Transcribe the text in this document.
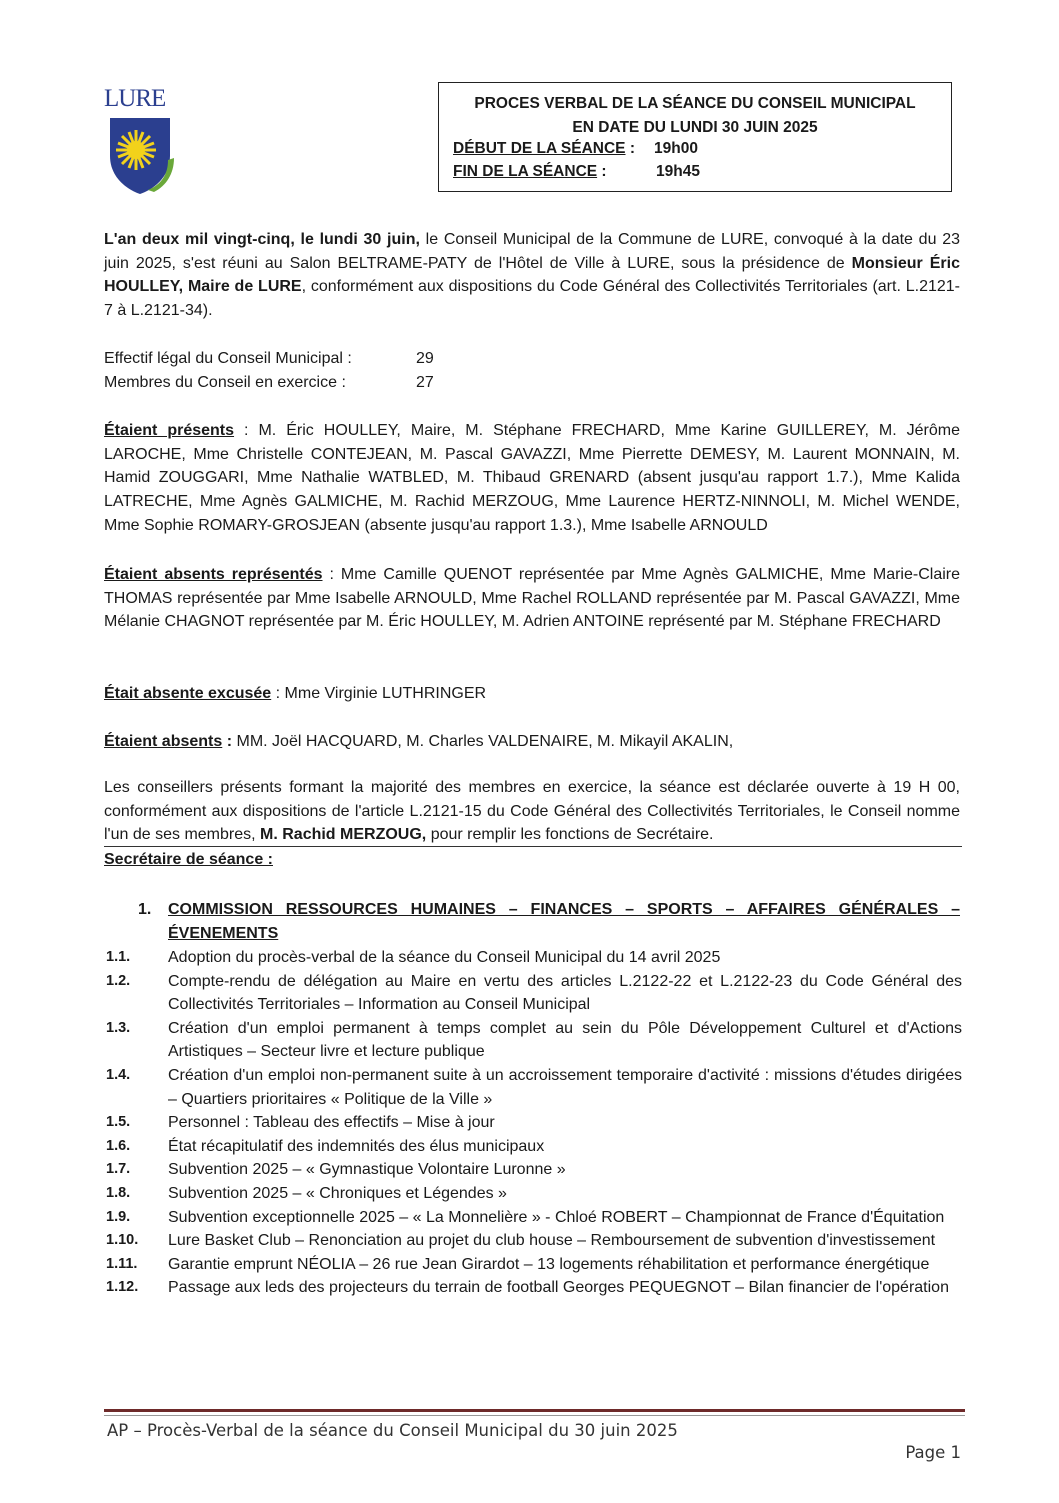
LURE	PROCES VERBAL DE LA SÉANCE DU CONSEIL MUNICIPAL
EN DATE DU LUNDI 30 JUIN 2025
DÉBUT DE LA SÉANCE : 19h00
FIN DE LA SÉANCE :	19h45
L'an deux mil vingt-cinq, le lundi 30 juin, le Conseil Municipal de la Commune de LURE, convoqué à la date du 23 juin 2025, s'est réuni au Salon BELTRAME-PATY de l'Hôtel de Ville à LURE, sous la présidence de Monsieur Éric HOULLEY, Maire de LURE, conformément aux dispositions du Code Général des Collectivités Territoriales (art. L.2121-7 à L.2121-34).
Effectif légal du Conseil Municipal :	29
Membres du Conseil en exercice :	27
Étaient présents : M. Éric HOULLEY, Maire, M. Stéphane FRECHARD, Mme Karine GUILLEREY, M. Jérôme LAROCHE, Mme Christelle CONTEJEAN, M. Pascal GAVAZZI, Mme Pierrette DEMESY, M. Laurent MONNAIN, M. Hamid ZOUGGARI, Mme Nathalie WATBLED, M. Thibaud GRENARD (absent jusqu'au rapport 1.7.), Mme Kalida LATRECHE, Mme Agnès GALMICHE, M. Rachid MERZOUG, Mme Laurence HERTZ-NINNOLI, M. Michel WENDE, Mme Sophie ROMARY-GROSJEAN (absente jusqu'au rapport 1.3.), Mme Isabelle ARNOULD
Étaient absents représentés : Mme Camille QUENOT représentée par Mme Agnès GALMICHE, Mme Marie-Claire THOMAS représentée par Mme Isabelle ARNOULD, Mme Rachel ROLLAND représentée par M. Pascal GAVAZZI, Mme Mélanie CHAGNOT représentée par M. Éric HOULLEY, M. Adrien ANTOINE représenté par M. Stéphane FRECHARD
Était absente excusée : Mme Virginie LUTHRINGER
Étaient absents : MM. Joël HACQUARD, M. Charles VALDENAIRE, M. Mikayil AKALIN,
Les conseillers présents formant la majorité des membres en exercice, la séance est déclarée ouverte à 19 H 00, conformément aux dispositions de l'article L.2121-15 du Code Général des Collectivités Territoriales, le Conseil nomme l'un de ses membres, M. Rachid MERZOUG, pour remplir les fonctions de Secrétaire.
Secrétaire de séance :
1. COMMISSION RESSOURCES HUMAINES – FINANCES – SPORTS – AFFAIRES GÉNÉRALES –
ÉVENEMENTS
1.1. Adoption du procès-verbal de la séance du Conseil Municipal du 14 avril 2025
1.2. Compte-rendu de délégation au Maire en vertu des articles L.2122-22 et L.2122-23 du Code Général des Collectivités Territoriales – Information au Conseil Municipal
1.3. Création d'un emploi permanent à temps complet au sein du Pôle Développement Culturel et d'Actions Artistiques – Secteur livre et lecture publique
1.4. Création d'un emploi non-permanent suite à un accroissement temporaire d'activité : missions d'études dirigées – Quartiers prioritaires « Politique de la Ville »
1.5. Personnel : Tableau des effectifs – Mise à jour
1.6. État récapitulatif des indemnités des élus municipaux
1.7. Subvention 2025 – « Gymnastique Volontaire Luronne »
1.8. Subvention 2025 – « Chroniques et Légendes »
1.9. Subvention exceptionnelle 2025 – « La Monnelière » - Chloé ROBERT – Championnat de France d'Équitation
1.10. Lure Basket Club – Renonciation au projet du club house – Remboursement de subvention d'investissement
1.11. Garantie emprunt NÉOLIA – 26 rue Jean Girardot – 13 logements réhabilitation et performance énergétique
1.12. Passage aux leds des projecteurs du terrain de football Georges PEQUEGNOT – Bilan financier de l'opération
AP – Procès-Verbal de la séance du Conseil Municipal du 30 juin 2025
Page 1
